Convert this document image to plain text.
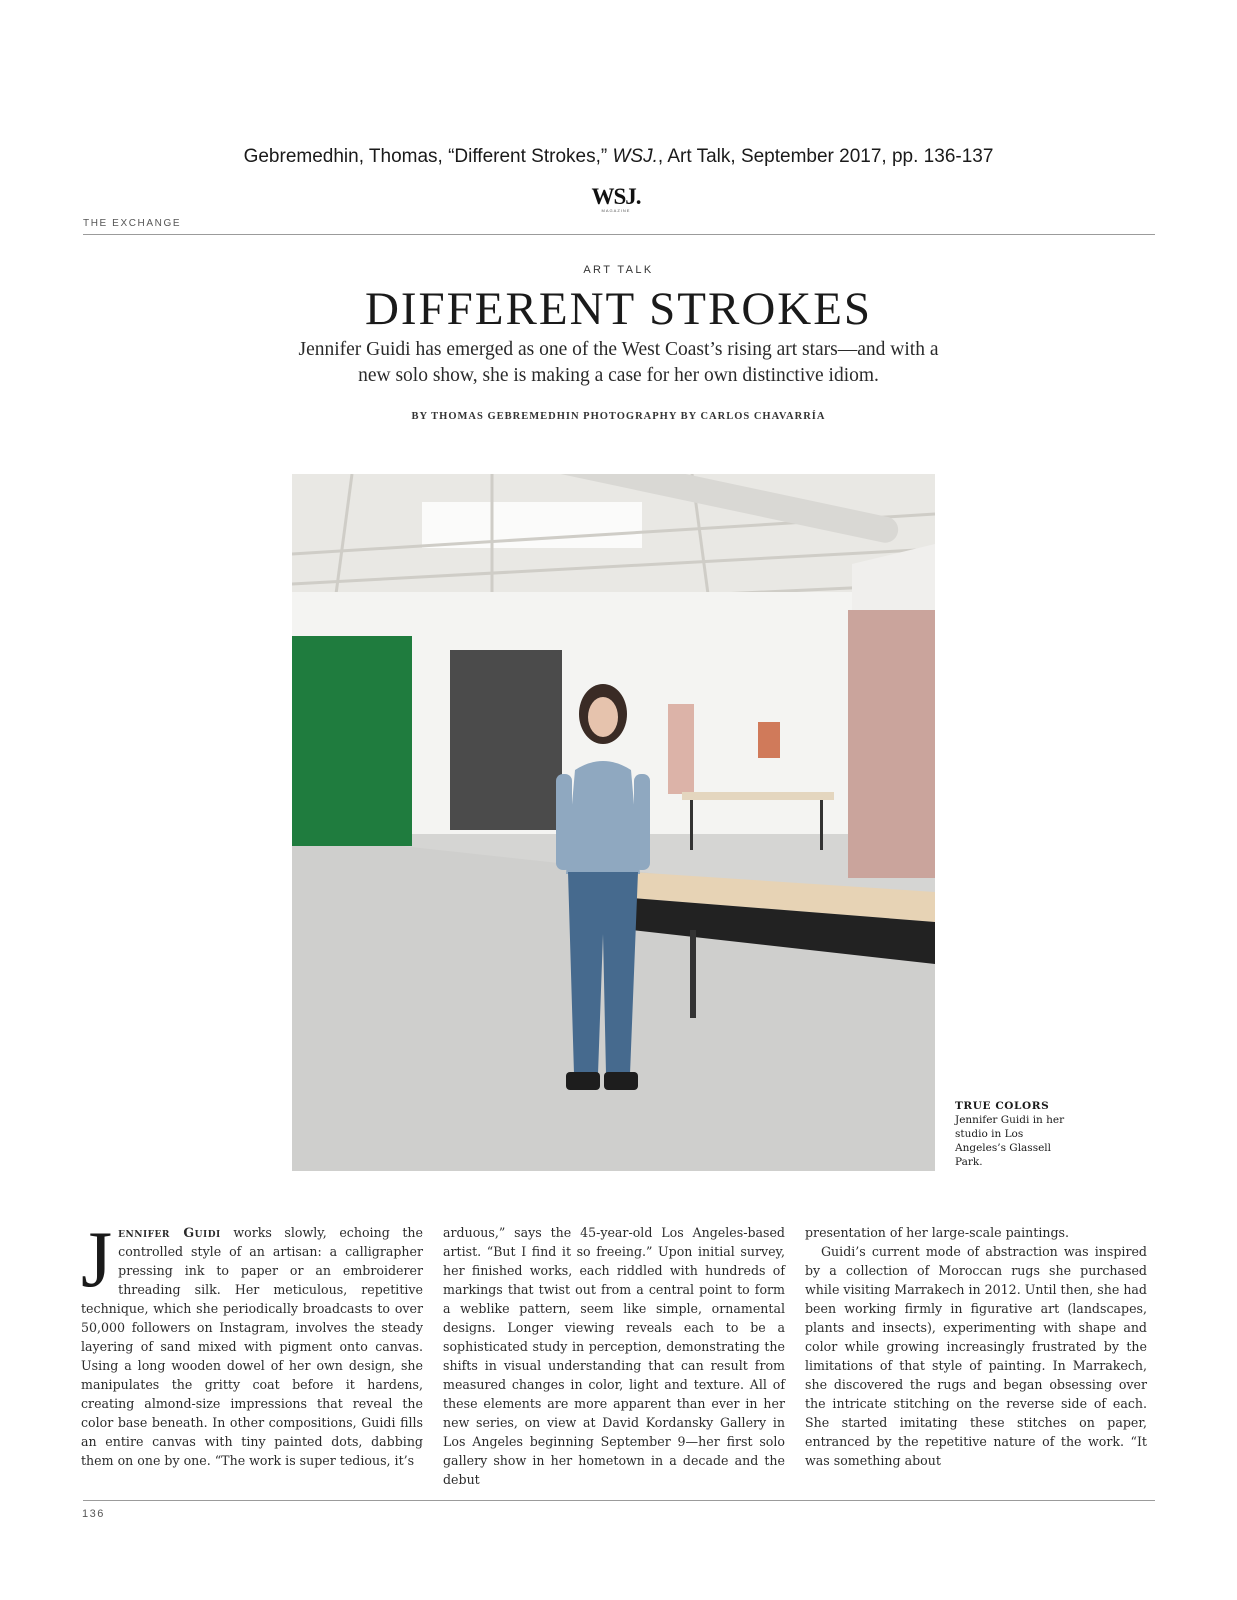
Gebremedhin, Thomas, “Different Strokes,” WSJ., Art Talk, September 2017, pp. 136-137
WSJ.
MAGAZINE
THE EXCHANGE
ART TALK
DIFFERENT STROKES
Jennifer Guidi has emerged as one of the West Coast’s rising art stars—and with a new solo show, she is making a case for her own distinctive idiom.
BY THOMAS GEBREMEDHIN PHOTOGRAPHY BY CARLOS CHAVARRÍA
TRUE COLORS
Jennifer Guidi in her studio in Los Angeles’s Glassell Park.

Jennifer Guidi works slowly, echoing the controlled style of an artisan: a calligrapher pressing ink to paper or an embroiderer threading silk. Her meticulous, repetitive technique, which she periodically broadcasts to over 50,000 followers on Instagram, involves the steady layering of sand mixed with pigment onto canvas. Using a long wooden dowel of her own design, she manipulates the gritty coat before it hardens, creating almond-size impressions that reveal the color base beneath. In other compositions, Guidi fills an entire canvas with tiny painted dots, dabbing them on one by one. “The work is super tedious, it’s

arduous,” says the 45-year-old Los Angeles-based artist. “But I find it so freeing.” Upon initial survey, her finished works, each riddled with hundreds of markings that twist out from a central point to form a weblike pattern, seem like simple, ornamental designs. Longer viewing reveals each to be a sophisticated study in perception, demonstrating the shifts in visual understanding that can result from measured changes in color, light and texture. All of these elements are more apparent than ever in her new series, on view at David Kordansky Gallery in Los Angeles beginning September 9—her first solo gallery show in her hometown in a decade and the debut

presentation of her large-scale paintings.

Guidi’s current mode of abstraction was inspired by a collection of Moroccan rugs she purchased while visiting Marrakech in 2012. Until then, she had been working firmly in figurative art (landscapes, plants and insects), experimenting with shape and color while growing increasingly frustrated by the limitations of that style of painting. In Marrakech, she discovered the rugs and began obsessing over the intricate stitching on the reverse side of each. She started imitating these stitches on paper, entranced by the repetitive nature of the work. “It was something about

136
